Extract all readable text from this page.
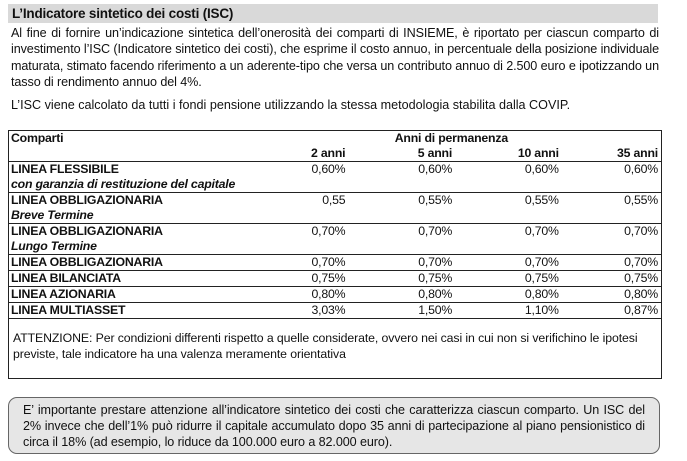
L’Indicatore sintetico dei costi (ISC)
Al fine di fornire un’indicazione sintetica dell’onerosità dei comparti di INSIEME, è riportato per ciascun comparto di investimento l’ISC (Indicatore sintetico dei costi), che esprime il costo annuo, in percentuale della posizione individuale maturata, stimato facendo riferimento a un aderente-tipo che versa un contributo annuo di 2.500 euro e ipotizzando un tasso di rendimento annuo del 4%.
L’ISC viene calcolato da tutti i fondi pensione utilizzando la stessa metodologia stabilita dalla COVIP.
Comparti	Anni di permanenza			
	2 anni	5 anni	10 anni	35 anni

LINEA FLESSIBILE
con garanzia di restituzione del capitale	0,60%	0,60%	0,60%	0,60%

LINEA OBBLIGAZIONARIA
Breve Termine	0,55	0,55%	0,55%	0,55%

LINEA OBBLIGAZIONARIA
Lungo Termine	0,70%	0,70%	0,70%	0,70%
LINEA OBBLIGAZIONARIA	0,70%	0,70%	0,70%	0,70%
LINEA BILANCIATA	0,75%	0,75%	0,75%	0,75%
LINEA AZIONARIA	0,80%	0,80%	0,80%	0,80%
LINEA MULTIASSET	3,03%	1,50%	1,10%	0,87%
ATTENZIONE: Per condizioni differenti rispetto a quelle considerate, ovvero nei casi in cui non si verifichino le ipotesi previste, tale indicatore ha una valenza meramente orientativa
E’ importante prestare attenzione all’indicatore sintetico dei costi che caratterizza ciascun comparto. Un ISC del 2% invece che dell’1% può ridurre il capitale accumulato dopo 35 anni di partecipazione al piano pensionistico di circa il 18% (ad esempio, lo riduce da 100.000 euro a 82.000 euro).
